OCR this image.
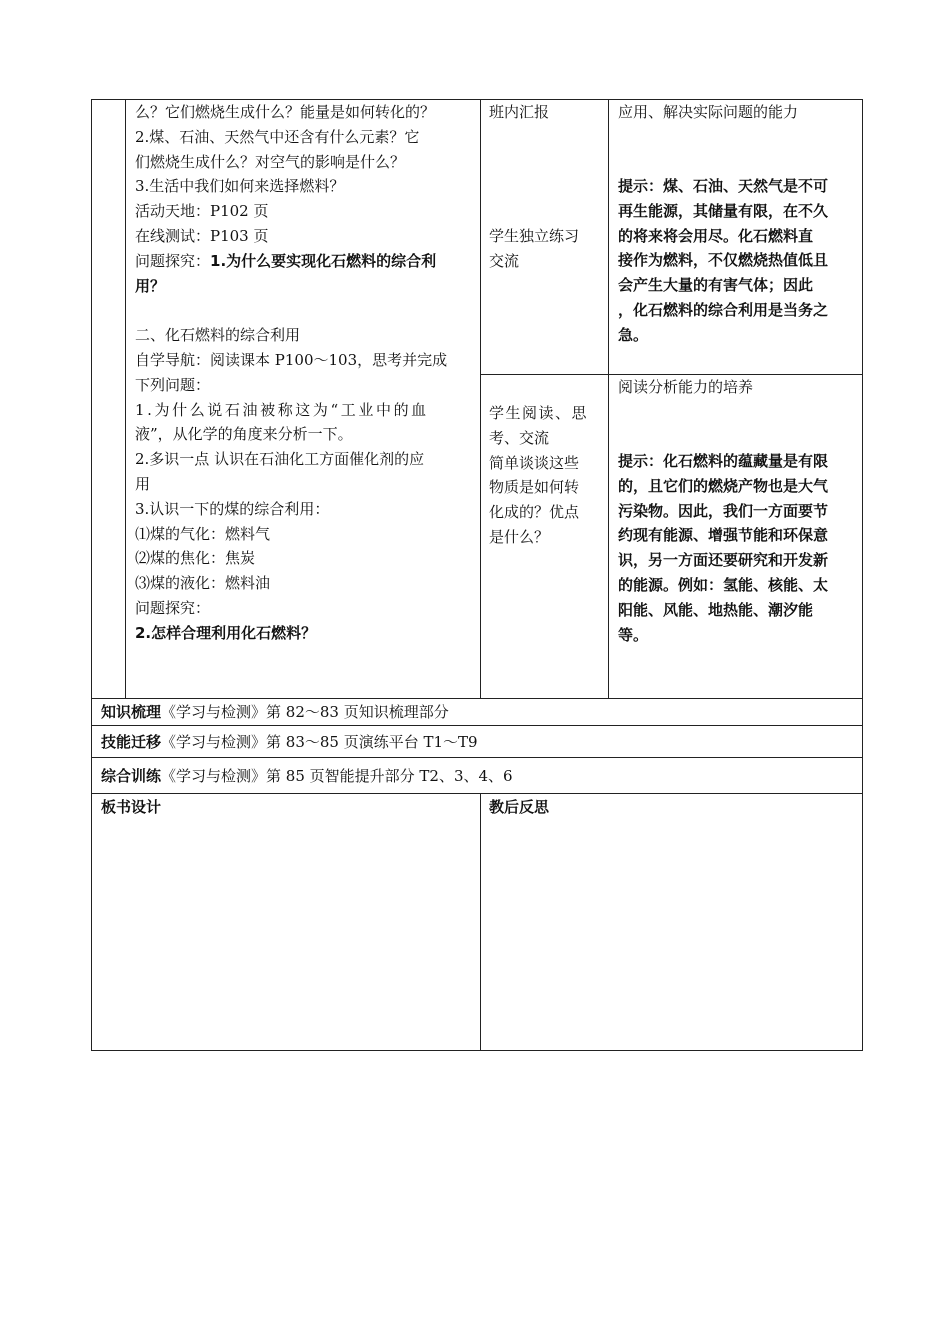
么？它们燃烧生成什么？能量是如何转化的？

2.煤、石油、天然气中还含有什么元素？它

们燃烧生成什么？对空气的影响是什么？

3.生活中我们如何来选择燃料？

活动天地：P102 页

在线测试：P103 页

问题探究：1.为什么要实现化石燃料的综合利

用？

二、化石燃料的综合利用

自学导航：阅读课本 P100～103，思考并完成

下列问题：

1.为什么说石油被称这为“工业中的血

液”，从化学的角度来分析一下。

2.多识一点 认识在石油化工方面催化剂的应

用

3.认识一下的煤的综合利用：

⑴煤的气化：燃料气

⑵煤的焦化：焦炭

⑶煤的液化：燃料油

问题探究：

2.怎样合理利用化石燃料？

班内汇报

学生独立练习

交流

应用、解决实际问题的能力

提示：煤、石油、天然气是不可

再生能源，其储量有限，在不久

的将来将会用尽。化石燃料直

接作为燃料，不仅燃烧热值低且

会产生大量的有害气体；因此

，化石燃料的综合利用是当务之

急。

学生阅读、思

考、交流

简单谈谈这些

物质是如何转

化成的？优点

是什么？

阅读分析能力的培养

提示：化石燃料的蕴藏量是有限

的，且它们的燃烧产物也是大气

污染物。因此，我们一方面要节

约现有能源、增强节能和环保意

识，另一方面还要研究和开发新

的能源。例如：氢能、核能、太

阳能、风能、地热能、潮汐能

等。

知识梳理《学习与检测》第 82～83 页知识梳理部分
技能迁移《学习与检测》第 83～85 页演练平台 T1～T9
综合训练《学习与检测》第 85 页智能提升部分 T2、3、4、6
板书设计	教后反思
